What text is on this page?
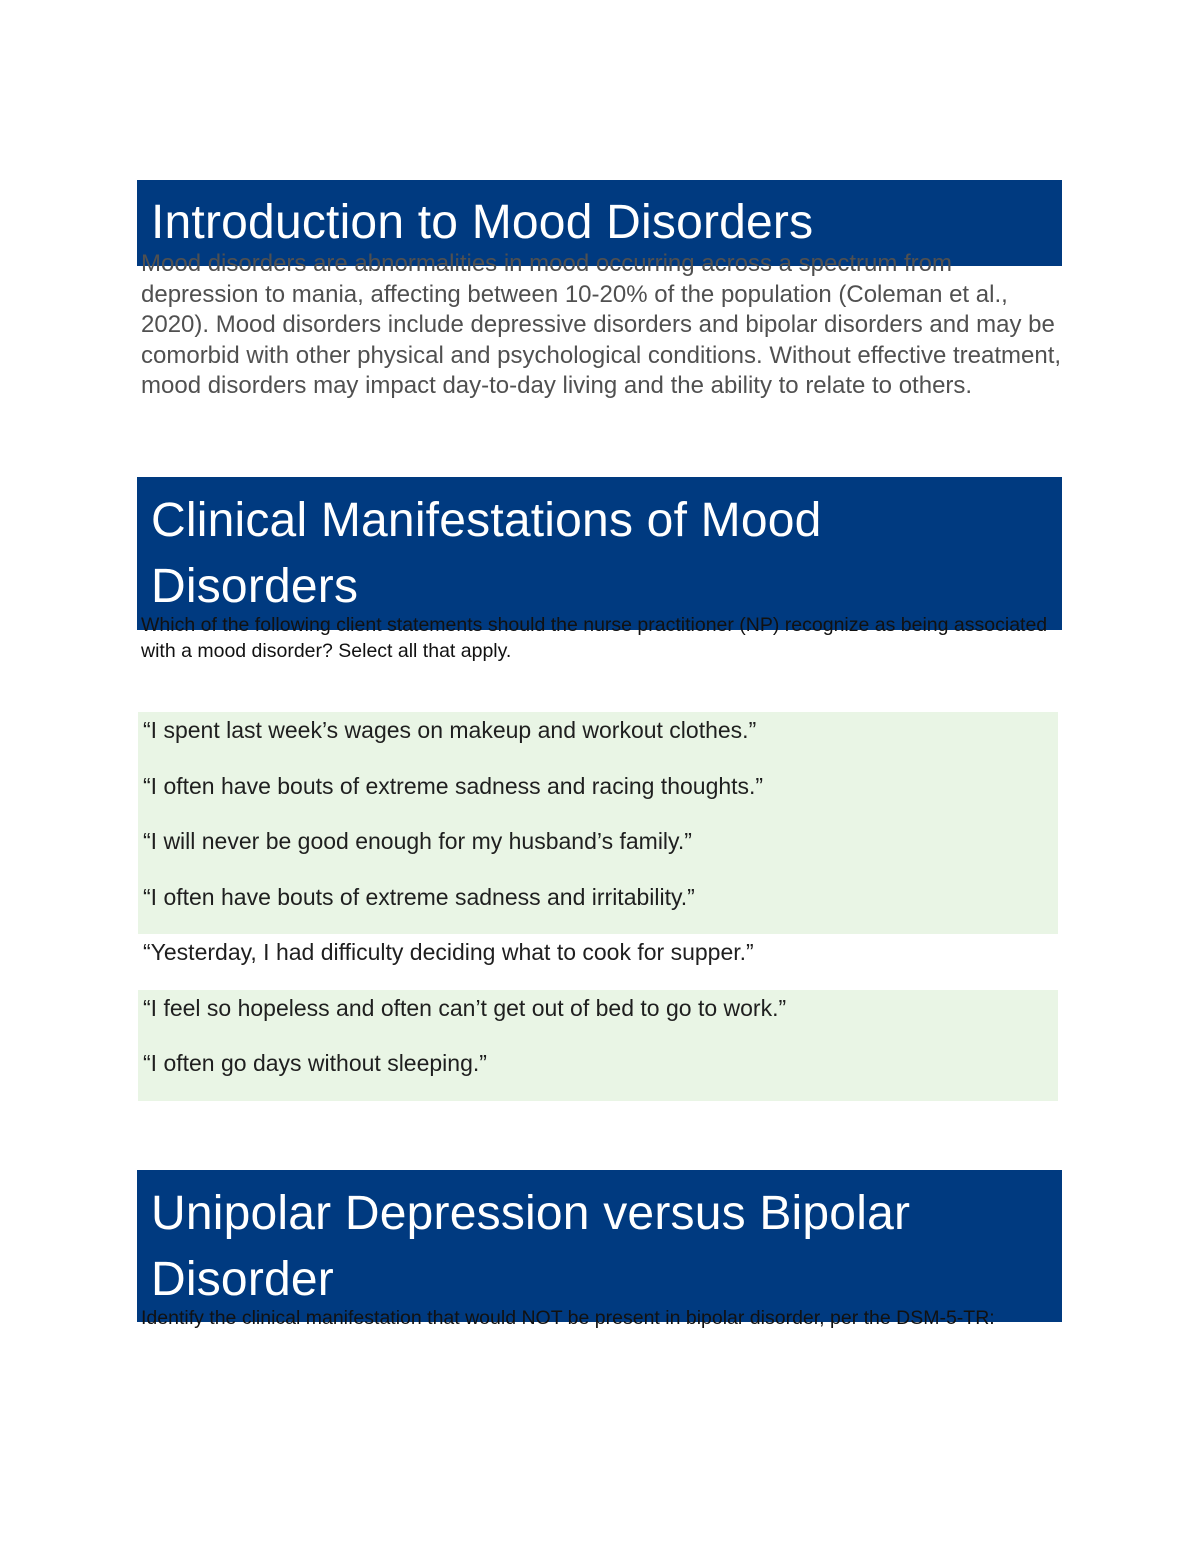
Introduction to Mood Disorders

Mood disorders are abnormalities in mood occurring across a spectrum from depression to mania, affecting between 10-20% of the population (Coleman et al., 2020). Mood disorders include depressive disorders and bipolar disorders and may be comorbid with other physical and psychological conditions. Without effective treatment, mood disorders may impact day-to-day living and the ability to relate to others.

Clinical Manifestations of Mood
Disorders

Which of the following client statements should the nurse practitioner (NP) recognize as being associated with a mood disorder? Select all that apply.

“I spent last week’s wages on makeup and workout clothes.”
“I often have bouts of extreme sadness and racing thoughts.”
“I will never be good enough for my husband’s family.”
“I often have bouts of extreme sadness and irritability.”
“Yesterday, I had difficulty deciding what to cook for supper.”
“I feel so hopeless and often can’t get out of bed to go to work.”
“I often go days without sleeping.”
Unipolar Depression versus Bipolar
Disorder

Identify the clinical manifestation that would NOT be present in bipolar disorder, per the DSM-5-TR:
